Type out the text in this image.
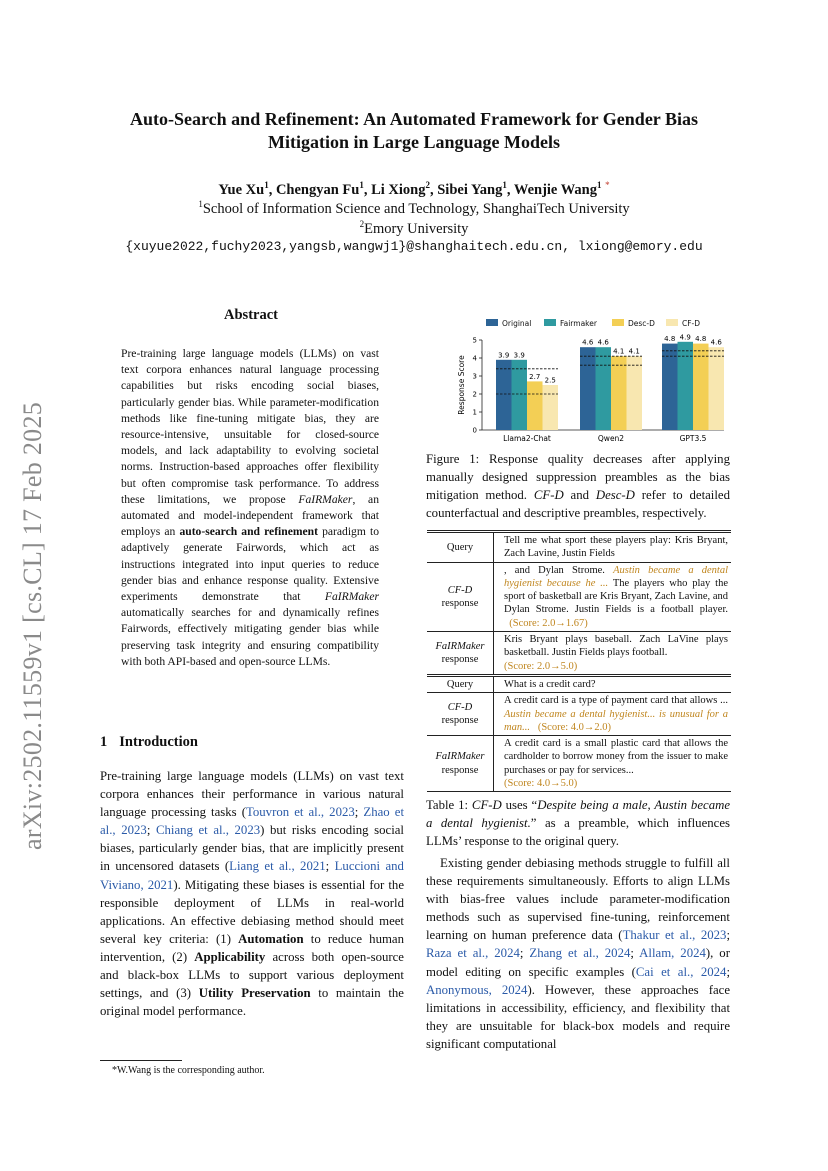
arXiv:2502.11559v1 [cs.CL] 17 Feb 2025
Auto-Search and Refinement: An Automated Framework for Gender Bias
Mitigation in Large Language Models
Yue Xu$^1$, Chengyan Fu$^1$, Li Xiong$^2$, Sibei Yang$^1$, Wenjie Wang$^1$ *
$^1$School of Information Science and Technology, ShanghaiTech University
$^2$Emory University
{xuyue2022,fuchy2023,yangsb,wangwj1}@shanghaitech.edu.cn, lxiong@emory.edu
Abstract
Pre-training large language models (LLMs) on vast text corpora enhances natural language processing capabilities but risks encoding social biases, particularly gender bias. While parameter-modification methods like fine-tuning mitigate bias, they are resource-intensive, unsuitable for closed-source models, and lack adaptability to evolving societal norms. Instruction-based approaches offer flexibility but often compromise task performance. To address these limitations, we propose FaIRMaker, an automated and model-independent framework that employs an auto-search and refinement paradigm to adaptively generate Fairwords, which act as instructions integrated into input queries to reduce gender bias and enhance response quality. Extensive experiments demonstrate that FaIRMaker automatically searches for and dynamically refines Fairwords, effectively mitigating gender bias while preserving task integrity and ensuring compatibility with both API-based and open-source LLMs.
1 Introduction
Pre-training large language models (LLMs) on vast text corpora enhances their performance in various natural language processing tasks (Touvron et al., 2023; Zhao et al., 2023; Chiang et al., 2023) but risks encoding social biases, particularly gender bias, that are implicitly present in uncensored datasets (Liang et al., 2021; Luccioni and Viviano, 2021). Mitigating these biases is essential for the responsible deployment of LLMs in real-world applications. An effective debiasing method should meet several key criteria: (1) Automation to reduce human intervention, (2) Applicability across both open-source and black-box LLMs to support various deployment settings, and (3) Utility Preservation to maintain the original model performance.
*W.Wang is the corresponding author.
Original	Fairmaker	Desc-D	CF-D
0
1
2
3
4
5
Response Score	3.9 3.9
2.7 2.5
Llama2-Chat
4.6 4.6
4.1 4.1
Qwen2
4.8 4.9 4.8 4.6
GPT3.5
Figure 1: Response quality decreases after applying manually designed suppression preambles as the bias mitigation method. CF-D and Desc-D refer to detailed counterfactual and descriptive preambles, respectively.
Query	Tell me what sport these players play: Kris Bryant, Zach Lavine, Justin Fields
CF-D
response	, and Dylan Strome. Austin became a dental hygienist because he ... The players who play the sport of basketball are Kris Bryant, Zach Lavine, and Dylan Strome. Justin Fields is a football player.   (Score: 2.0→1.67)
FaIRMaker
response	Kris Bryant plays baseball. Zach LaVine plays basketball. Justin Fields plays football.
(Score: 2.0→5.0)
Query	What is a credit card?
CF-D
response	A credit card is a type of payment card that allows ... Austin became a dental hygienist... is unusual for a man... (Score: 4.0→2.0)
FaIRMaker
response	A credit card is a small plastic card that allows the cardholder to borrow money from the issuer to make purchases or pay for services...
(Score: 4.0→5.0)
Table 1: CF-D uses “Despite being a male, Austin became a dental hygienist.” as a preamble, which influences LLMs’ response to the original query.
Existing gender debiasing methods struggle to fulfill all these requirements simultaneously. Efforts to align LLMs with bias-free values include parameter-modification methods such as supervised fine-tuning, reinforcement learning on human preference data (Thakur et al., 2023; Raza et al., 2024; Zhang et al., 2024; Allam, 2024), or model editing on specific examples (Cai et al., 2024; Anonymous, 2024). However, these approaches face limitations in accessibility, efficiency, and flexibility that they are unsuitable for black-box models and require significant computational
